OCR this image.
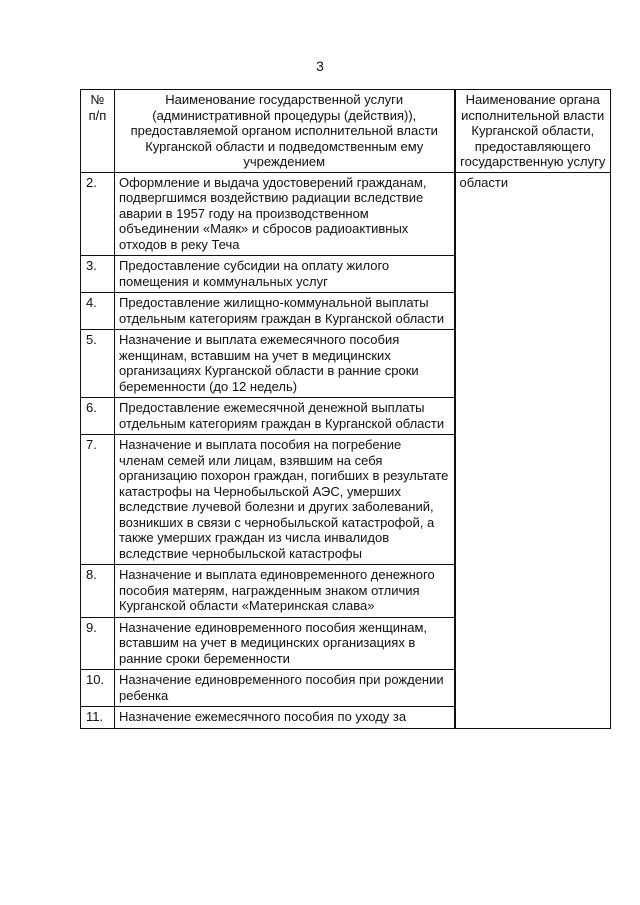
3
№ п/п	Наименование государственной услуги (административной процедуры (действия)), предоставляемой органом исполнительной власти Курганской области и подведомственным ему учреждением	Наименование органа исполнительной власти Курганской области, предоставляющего государственную услугу
2.	Оформление и выдача удостоверений гражданам, подвергшимся воздействию радиации вследствие аварии в 1957 году на производственном объединении «Маяк» и сбросов радиоактивных отходов в реку Теча	области
3.	Предоставление субсидии на оплату жилого помещения и коммунальных услуг	
4.	Предоставление жилищно-коммунальной выплаты отдельным категориям граждан в Курганской области	
5.	Назначение и выплата ежемесячного пособия женщинам, вставшим на учет в медицинских организациях Курганской области в ранние сроки беременности (до 12 недель)	
6.	Предоставление ежемесячной денежной выплаты отдельным категориям граждан в Курганской области	
7.	Назначение и выплата пособия на погребение членам семей или лицам, взявшим на себя организацию похорон граждан, погибших в результате катастрофы на Чернобыльской АЭС, умерших вследствие лучевой болезни и других заболеваний, возникших в связи с чернобыльской катастрофой, а также умерших граждан из числа инвалидов вследствие чернобыльской катастрофы	
8.	Назначение и выплата единовременного денежного пособия матерям, награжденным знаком отличия Курганской области «Материнская слава»	
9.	Назначение единовременного пособия женщинам, вставшим на учет в медицинских организациях в ранние сроки беременности	
10.	Назначение единовременного пособия при рождении ребенка	
11.	Назначение ежемесячного пособия по уходу за	
